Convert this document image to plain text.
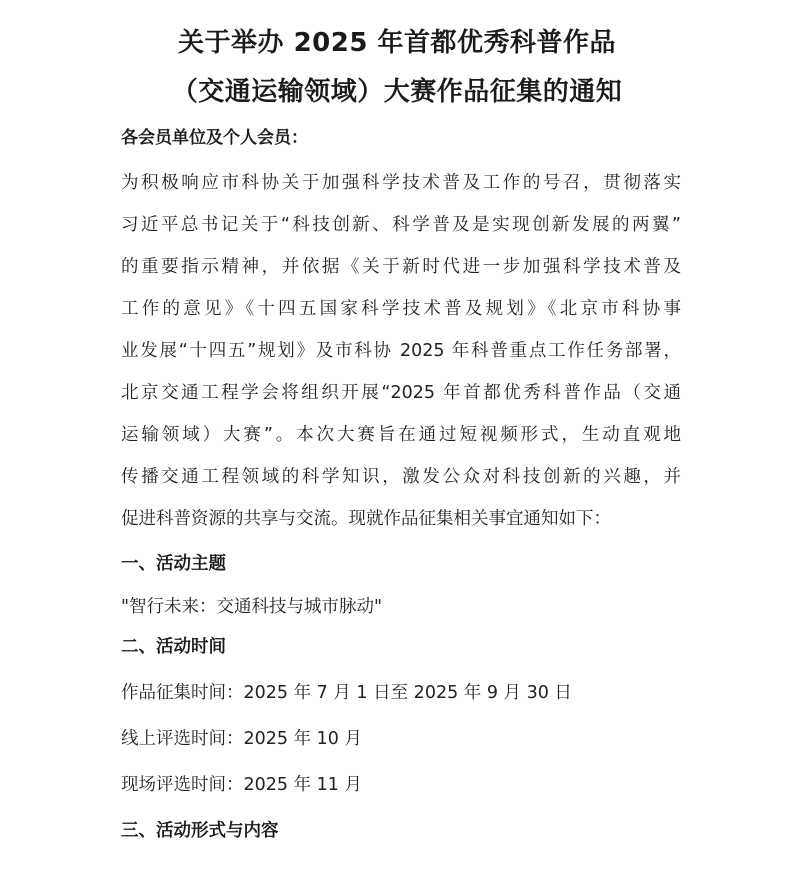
关于举办 2025 年首都优秀科普作品
（交通运输领域）大赛作品征集的通知
各会员单位及个人会员：
为积极响应市科协关于加强科学技术普及工作的号召，贯彻落实
习近平总书记关于“科技创新、科学普及是实现创新发展的两翼”
的重要指示精神，并依据《关于新时代进一步加强科学技术普及
工作的意见》《十四五国家科学技术普及规划》《北京市科协事
业发展“十四五”规划》及市科协 2025 年科普重点工作任务部署，
北京交通工程学会将组织开展“2025 年首都优秀科普作品（交通
运输领域）大赛”。本次大赛旨在通过短视频形式，生动直观地
传播交通工程领域的科学知识，激发公众对科技创新的兴趣，并
促进科普资源的共享与交流。现就作品征集相关事宜通知如下：
一、活动主题
"智行未来：交通科技与城市脉动"
二、活动时间
作品征集时间：2025 年 7 月 1 日至 2025 年 9 月 30 日
线上评选时间：2025 年 10 月
现场评选时间：2025 年 11 月
三、活动形式与内容
